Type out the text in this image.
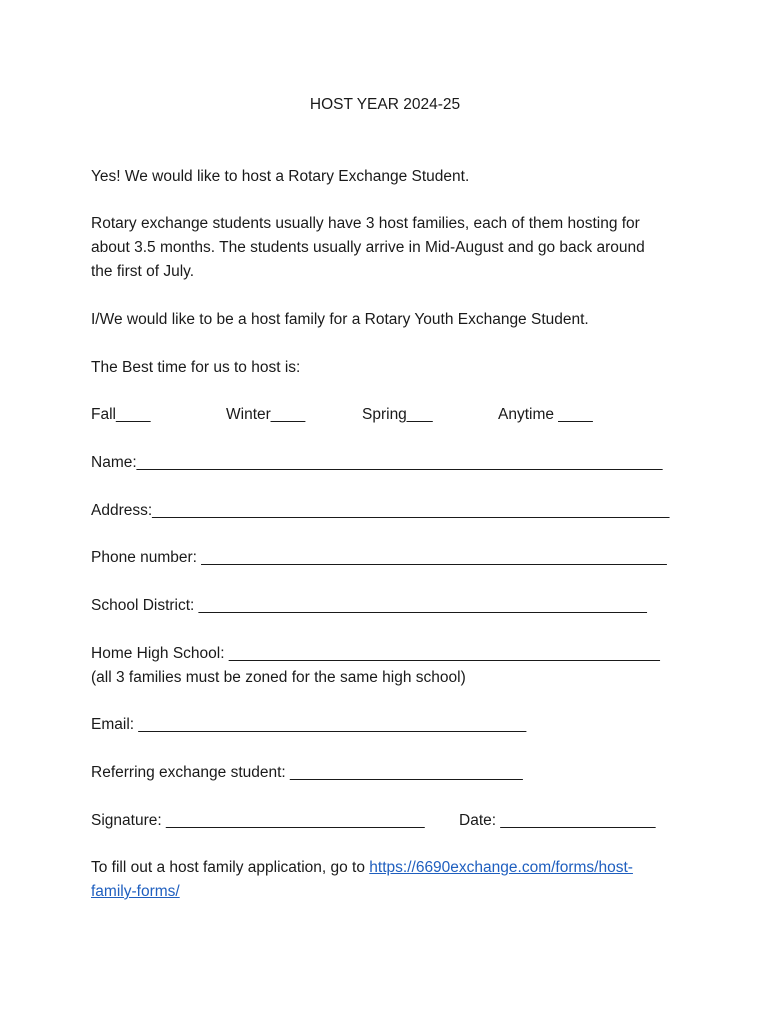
HOST YEAR 2024-25
Yes! We would like to host a Rotary Exchange Student.
Rotary exchange students usually have 3 host families, each of them hosting for
about 3.5 months. The students usually arrive in Mid-August and go back around
the first of July.
I/We would like to be a host family for a Rotary Youth Exchange Student.
The Best time for us to host is:
Fall____	Winter____	Spring___	Anytime ____
Name:_____________________________________________________________
Address:____________________________________________________________
Phone number: ______________________________________________________
School District: ____________________________________________________
Home High School: __________________________________________________
(all 3 families must be zoned for the same high school)
Email: _____________________________________________
Referring exchange student: ___________________________
Signature: ______________________________ Date: __________________
To fill out a host family application, go to https://6690exchange.com/forms/host-
family-forms/
